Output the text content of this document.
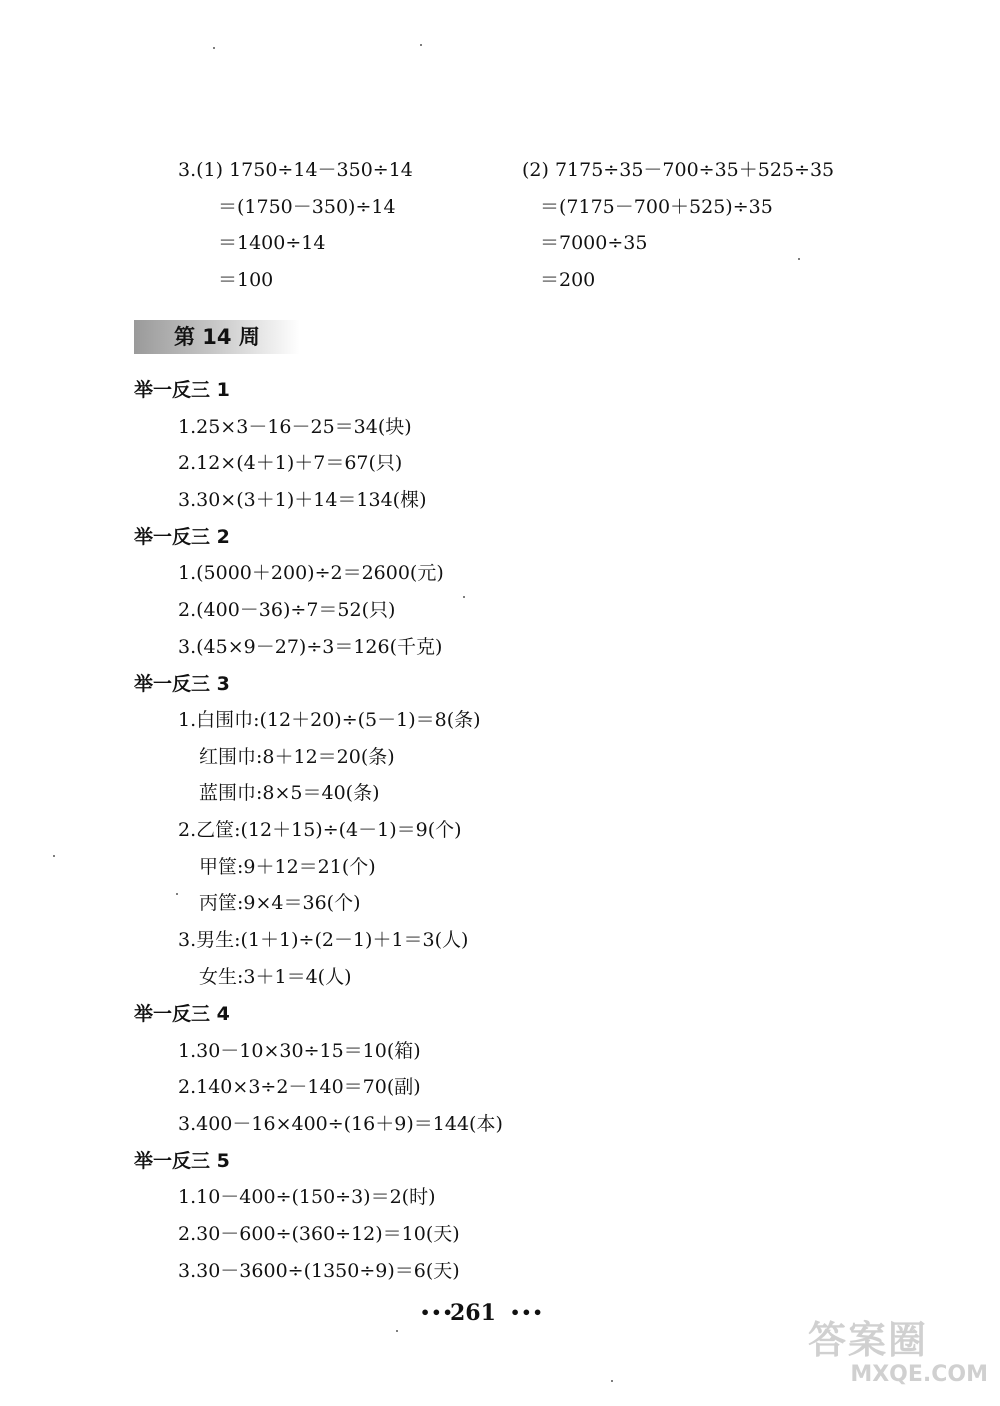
3.(1) 1750÷14－350÷14
＝(1750－350)÷14
＝1400÷14
＝100
(2) 7175÷35－700÷35＋525÷35
＝(7175－700＋525)÷35
＝7000÷35
＝200
第 14 周
举一反三 1
1.25×3－16－25＝34(块)
2.12×(4＋1)＋7＝67(只)
3.30×(3＋1)＋14＝134(棵)
举一反三 2
1.(5000＋200)÷2＝2600(元)
2.(400－36)÷7＝52(只)
3.(45×9－27)÷3＝126(千克)
举一反三 3
1.白围巾:(12＋20)÷(5－1)＝8(条)
红围巾:8＋12＝20(条)
蓝围巾:8×5＝40(条)
2.乙筐:(12＋15)÷(4－1)＝9(个)
甲筐:9＋12＝21(个)
丙筐:9×4＝36(个)
3.男生:(1＋1)÷(2－1)＋1＝3(人)
女生:3＋1＝4(人)
举一反三 4
1.30－10×30÷15＝10(箱)
2.140×3÷2－140＝70(副)
3.400－16×400÷(16＋9)＝144(本)
举一反三 5
1.10－400÷(150÷3)＝2(时)
2.30－600÷(360÷12)＝10(天)
3.30－3600÷(1350÷9)＝6(天)
•••
261 •••
答案圈
MXQE.COM
